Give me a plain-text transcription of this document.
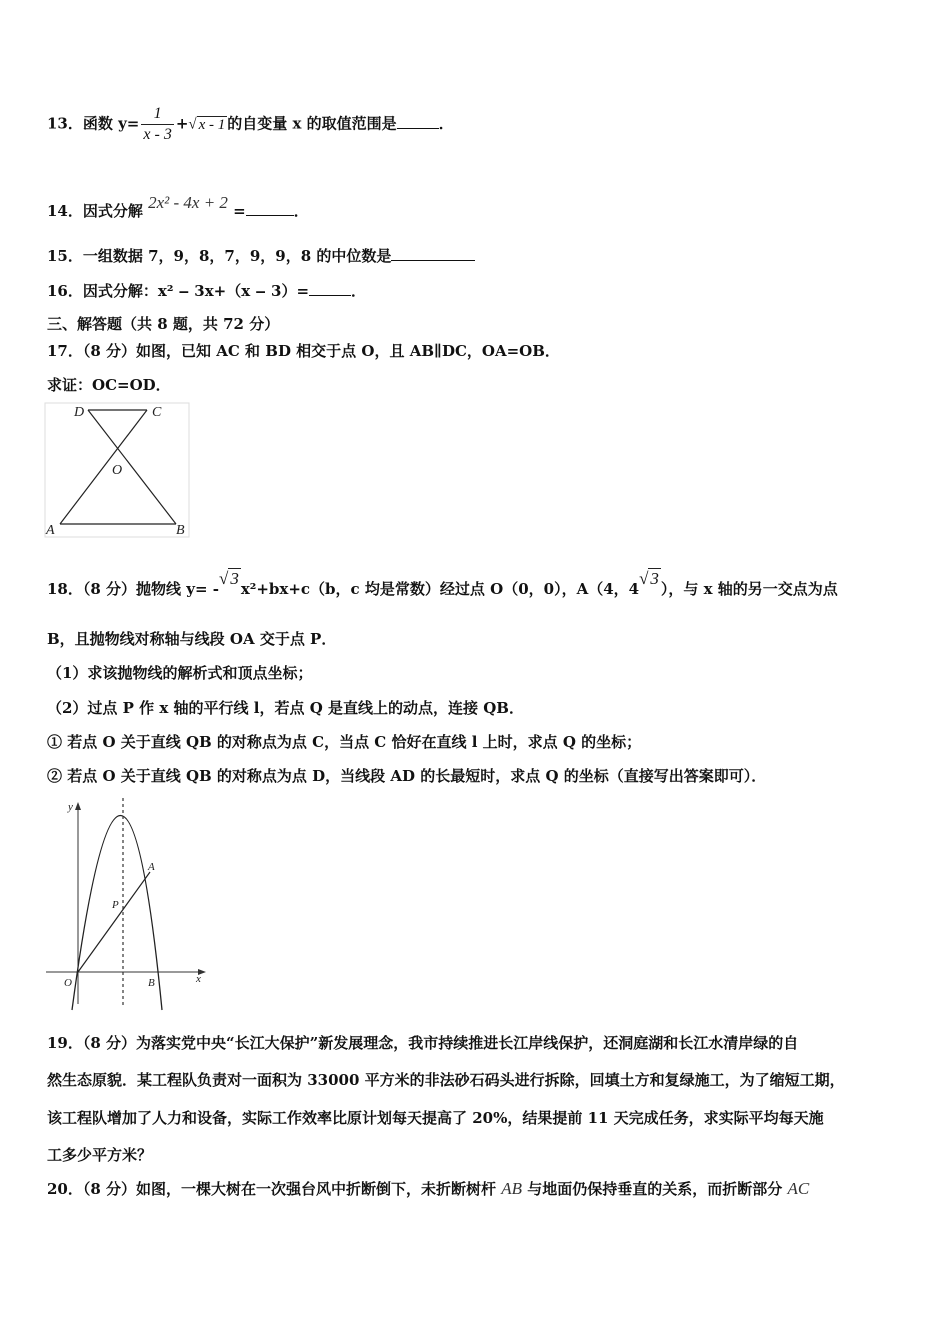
13．函数 $y= \frac{1}{x - 3}$ +√ x - 1 的自变量 x 的取值范围是	．
14．因式分解 2x² - 4x + 2 =	．
15．一组数据 7，9，8，7，9，9，8 的中位数是
16．因式分解：x² ‒ 3x+（x ‒ 3）=	．
三、解答题（共 8 题，共 72 分）
17．（8 分）如图，已知 AC 和 BD 相交于点 O，且 AB∥DC，OA=OB．
求证：OC=OD．
D	C
O
A	B
18．（8 分）抛物线 y= -√ 3x²+bx+c（b，c 均是常数）经过点 O（0，0），A（4，4√ 3），与 x 轴的另一交点为点
B，且抛物线对称轴与线段 OA 交于点 P．
（1）求该抛物线的解析式和顶点坐标；
（2）过点 P 作 x 轴的平行线 l，若点 Q 是直线上的动点，连接 QB．
① 若点 O 关于直线 QB 的对称点为点 C，当点 C 恰好在直线 l 上时，求点 Q 的坐标；
② 若点 O 关于直线 QB 的对称点为点 D，当线段 AD 的长最短时，求点 Q 的坐标（直接写出答案即可）．
y
x
O
A
P
B
19．（8 分）为落实党中央“长江大保护”新发展理念，我市持续推进长江岸线保护，还洞庭湖和长江水清岸绿的自
然生态原貌．某工程队负责对一面积为 33000 平方米的非法砂石码头进行拆除，回填土方和复绿施工，为了缩短工期，
该工程队增加了人力和设备，实际工作效率比原计划每天提高了 20%，结果提前 11 天完成任务，求实际平均每天施
工多少平方米？
20．（8 分）如图，一棵大树在一次强台风中折断倒下，未折断树杆 AB 与地面仍保持垂直的关系，而折断部分 AC
